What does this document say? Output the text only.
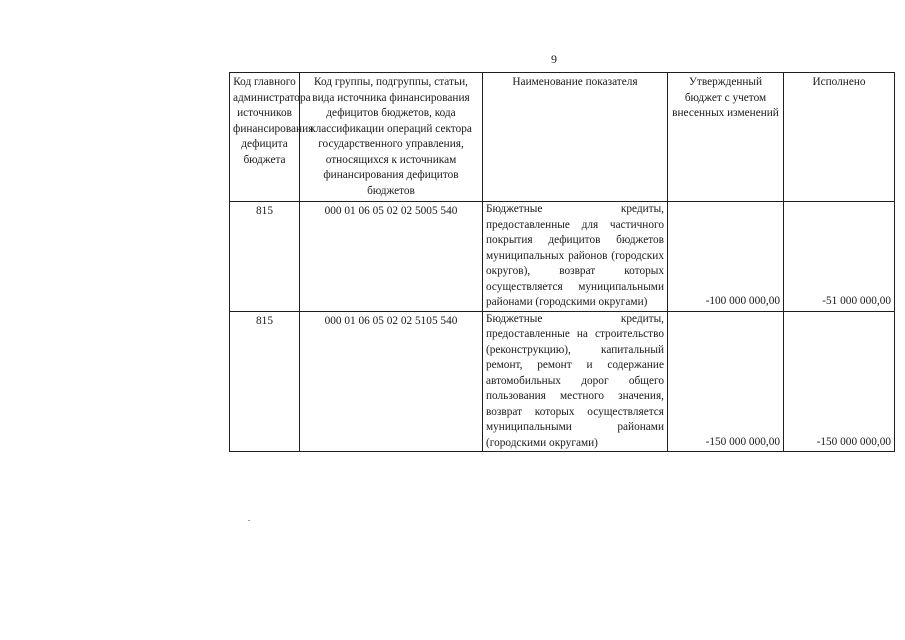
9
Код главного администратора источников финансирования дефицита бюджета	Код группы, подгруппы, статьи, вида источника финансирования дефицитов бюджетов, кода классификации операций сектора государственного управления, относящихся к источникам финансирования дефицитов бюджетов	Наименование показателя	Утвержденный бюджет с учетом внесенных изменений	Исполнено
815	000 01 06 05 02 02 5005 540	Бюджетные кредиты, предоставленные для частичного покрытия дефицитов бюджетов муниципальных районов (городских округов), возврат которых осуществляется муниципальными районами (городскими округами)	-100 000 000,00	-51 000 000,00
815	000 01 06 05 02 02 5105 540	Бюджетные кредиты, предоставленные на строительство (реконструкцию), капитальный ремонт, ремонт и содержание автомобильных дорог общего пользования местного значения, возврат которых осуществляется муниципальными районами (городскими округами)	-150 000 000,00	-150 000 000,00
